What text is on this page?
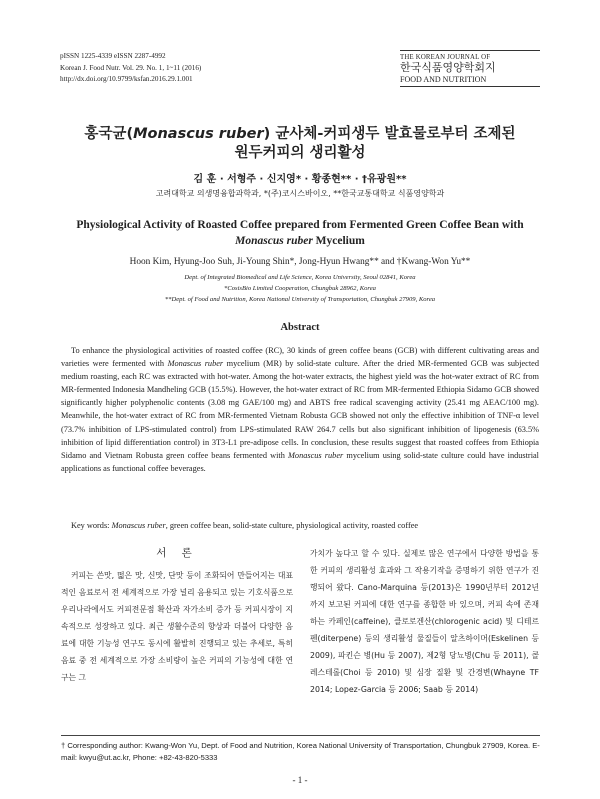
pISSN 1225-4339 eISSN 2287-4992
Korean J. Food Nutr. Vol. 29. No. 1, 1~11 (2016)
http://dx.doi.org/10.9799/ksfan.2016.29.1.001
THE KOREAN JOURNAL OF
한국식품영양학회지
FOOD AND NUTRITION
홍국균(Monascus ruber) 균사체-커피생두 발효물로부터 조제된
원두커피의 생리활성
김 훈 · 서형주 · 신지영* · 황종현** · †유광원**
고려대학교 의생명융합과학과, *(주)코시스바이오, **한국교통대학교 식품영양학과
Physiological Activity of Roasted Coffee prepared from Fermented Green Coffee Bean with
Monascus ruber Mycelium
Hoon Kim, Hyung-Joo Suh, Ji-Young Shin*, Jong-Hyun Hwang** and †Kwang-Won Yu**
Dept. of Integrated Biomedical and Life Science, Korea University, Seoul 02841, Korea
*CosisBio Limited Cooperation, Chungbuk 28962, Korea
**Dept. of Food and Nutrition, Korea National University of Transportation, Chungbuk 27909, Korea
Abstract

To enhance the physiological activities of roasted coffee (RC), 30 kinds of green coffee beans (GCB) with different cultivating areas and varieties were fermented with Monascus ruber mycelium (MR) by solid-state culture. After the dried MR-fermented GCB was subjected medium roasting, each RC was extracted with hot-water. Among the hot-water extracts, the highest yield was the hot-water extract of RC from MR-fermented Indonesia Mandheling GCB (15.5%). However, the hot-water extract of RC from MR-fermented Ethiopia Sidamo GCB showed significantly higher polyphenolic contents (3.08 mg GAE/100 mg) and ABTS free radical scavenging activity (25.41 mg AEAC/100 mg). Meanwhile, the hot-water extract of RC from MR-fermented Vietnam Robusta GCB showed not only the effective inhibition of TNF-α level (73.7% inhibition of LPS-stimulated control) from LPS-stimulated RAW 264.7 cells but also significant inhibition of lipogenesis (63.5% inhibition of lipid differentiation control) in 3T3-L1 pre-adipose cells. In conclusion, these results suggest that roasted coffees from Ethiopia Sidamo and Vietnam Robusta green coffee beans fermented with Monascus ruber mycelium using solid-state culture could have industrial applications as functional coffee beverages.

Key words: Monascus ruber, green coffee bean, solid-state culture, physiological activity, roasted coffee
서 론

커피는 쓴맛, 떫은 맛, 신맛, 단맛 등이 조화되어 만들어지는 대표적인 음료로서 전 세계적으로 가장 널리 음용되고 있는 기호식품으로 우리나라에서도 커피전문점 확산과 자가소비 증가 등 커피시장이 지속적으로 성장하고 있다. 최근 생활수준의 향상과 더불어 다양한 음료에 대한 기능성 연구도 동시에 활발히 진행되고 있는 추세로, 특히 음료 중 전 세계적으로 가장 소비량이 높은 커피의 기능성에 대한 연구는 그

가치가 높다고 할 수 있다. 실제로 많은 연구에서 다양한 방법을 통한 커피의 생리활성 효과와 그 작용기작을 증명하기 위한 연구가 진행되어 왔다. Cano-Marquina 등(2013)은 1990년부터 2012년까지 보고된 커피에 대한 연구를 종합한 바 있으며, 커피 속에 존재하는 카페인(caffeine), 클로로겐산(chlorogenic acid) 및 디테르펜(diterpene) 등의 생리활성 물질들이 알츠하이머(Eskelinen 등 2009), 파킨슨 병(Hu 등 2007), 제2형 당뇨병(Chu 등 2011), 콜레스테롤(Choi 등 2010) 및 심장 질환 및 간경변(Whayne TF 2014; Lopez-Garcia 등 2006; Saab 등 2014)

† Corresponding author: Kwang-Won Yu, Dept. of Food and Nutrition, Korea National University of Transportation, Chungbuk 27909, Korea. E-mail: kwyu@ut.ac.kr, Phone: +82-43-820-5333
- 1 -
